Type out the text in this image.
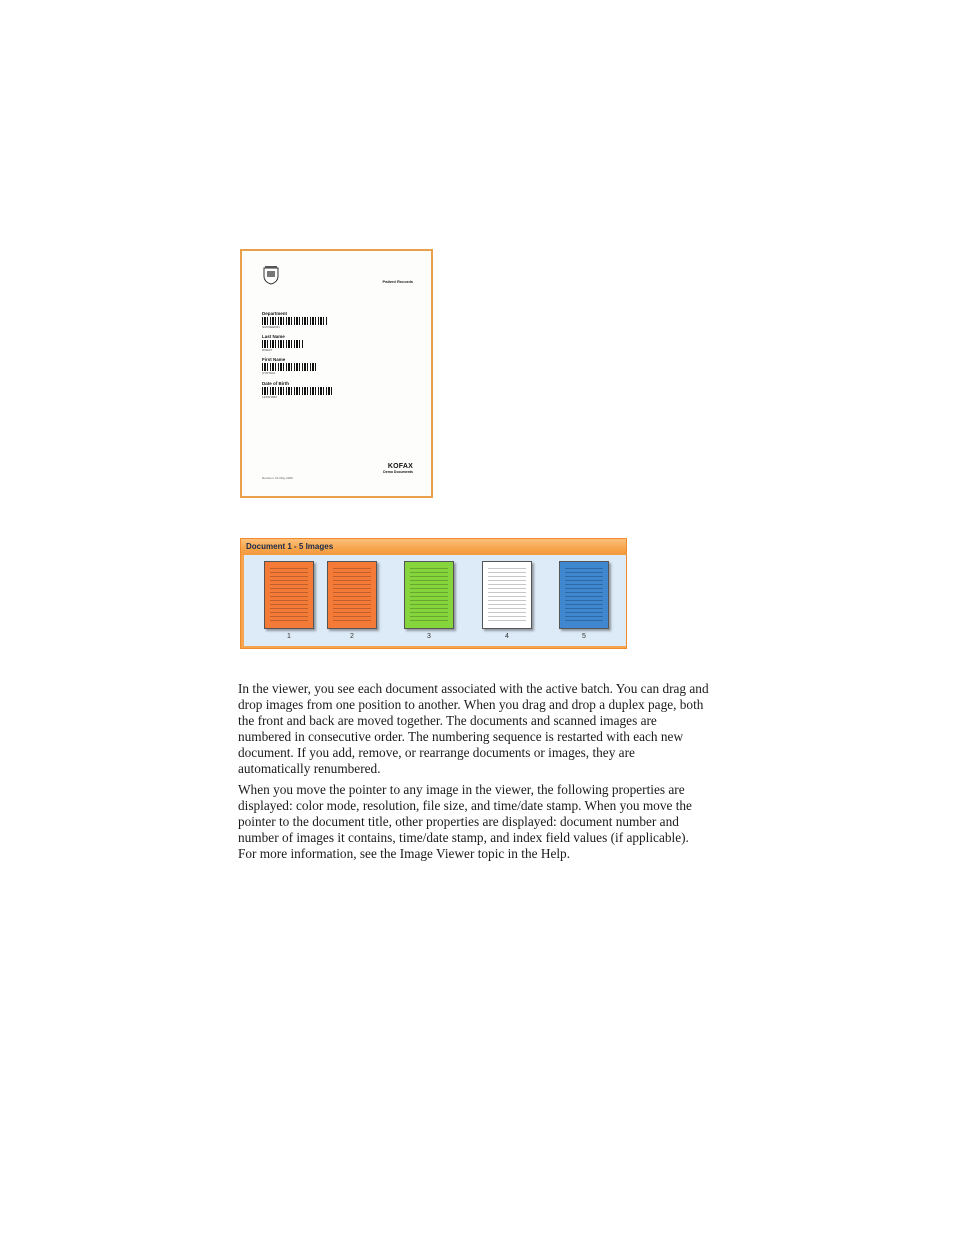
Patient Records
Department
NURSEEDIN
Last Name
DOEAT
First Name
CYNTHIA
Date of Birth
12/09/1962
Revision: 01-May-2006
KOFAX
Demo Documents
Document 1 - 5 Images
1	2	3	4	5

In the viewer, you see each document associated with the active batch. You can drag and drop images from one position to another. When you drag and drop a duplex page, both the front and back are moved together. The documents and scanned images are numbered in consecutive order. The numbering sequence is restarted with each new document. If you add, remove, or rearrange documents or images, they are automatically renumbered.

When you move the pointer to any image in the viewer, the following properties are displayed: color mode, resolution, file size, and time/date stamp. When you move the pointer to the document title, other properties are displayed: document number and number of images it contains, time/date stamp, and index field values (if applicable). For more information, see the Image Viewer topic in the Help.
